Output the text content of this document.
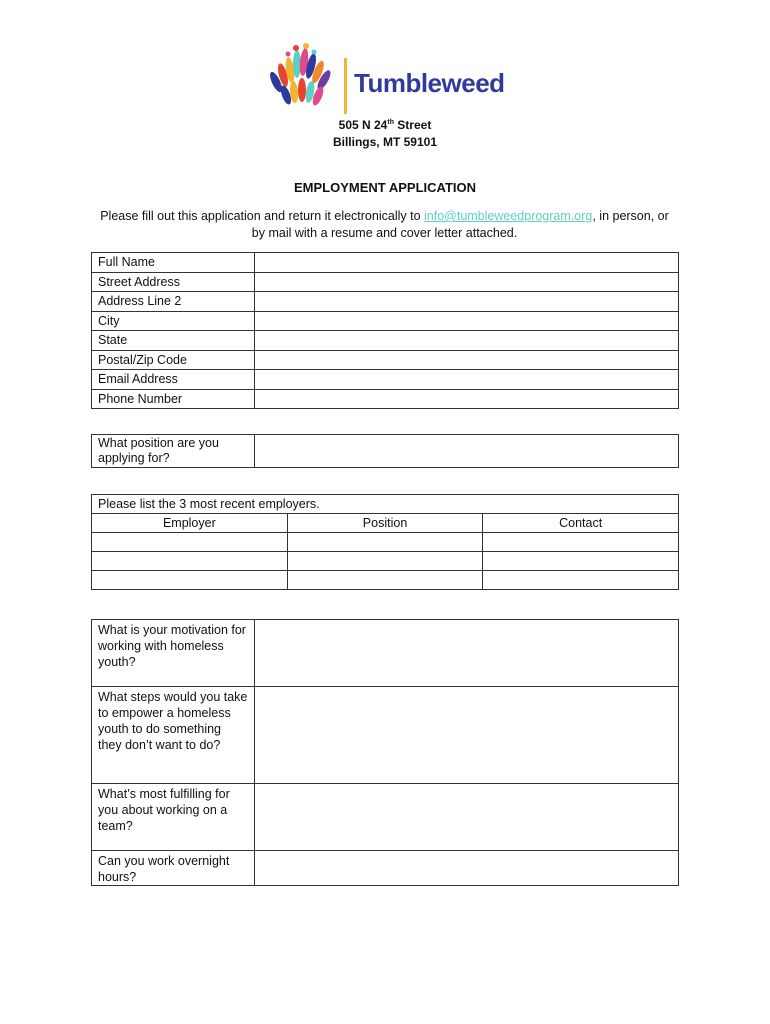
Tumbleweed
505 N 24th Street
Billings, MT 59101
EMPLOYMENT APPLICATION
Please fill out this application and return it electronically to info@tumbleweedprogram.org, in person, or by mail with a resume and cover letter attached.
Full Name	
Street Address	
Address Line 2	
City	
State	
Postal/Zip Code	
Email Address	
Phone Number	
What position are you applying for?	
Please list the 3 most recent employers.		
Employer	Position	Contact

What is your motivation for working with homeless youth?	
What steps would you take to empower a homeless youth to do something they don’t want to do?	
What’s most fulfilling for you about working on a team?	
Can you work overnight hours?	
